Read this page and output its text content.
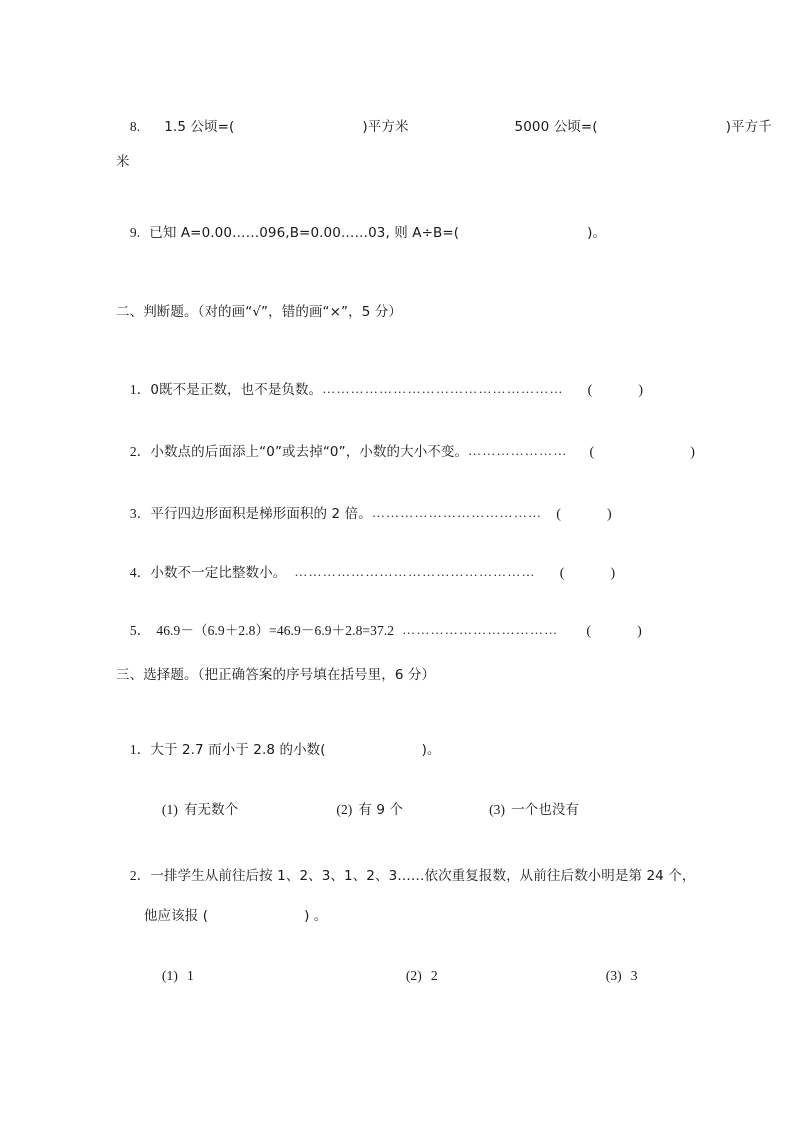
8. 1.5 公顷=(	)平方米	5000 公顷=(	)平方千

米

9. 已知 A=0.00……096,B=0.00……03, 则 A÷B=(	)。

二、判断题。（对的画“√”，错的画“×”，5 分）

1．0既不是正数，也不是负数。…………………………………………… (	)

2．小数点的后面添上“0”或去掉“0”，小数的大小不变。………………… (	)

3．平行四边形面积是梯形面积的 2 倍。……………………………… (	)

4．小数不一定比整数小。 …………………………………………… (	)

5． 46.9－（6.9＋2.8）=46.9－6.9＋2.8=37.2 …………………………… (	)

三、选择题。（把正确答案的序号填在括号里，6 分）

1．大于 2.7 而小于 2.8 的小数(	)。

(1) 有无数个	(2) 有 9 个	(3) 一个也没有

2．一排学生从前往后按 1、2、3、1、2、3……依次重复报数，从前往后数小明是第 24 个，

他应该报 (	) 。

(1) 1	(2) 2	(3) 3
